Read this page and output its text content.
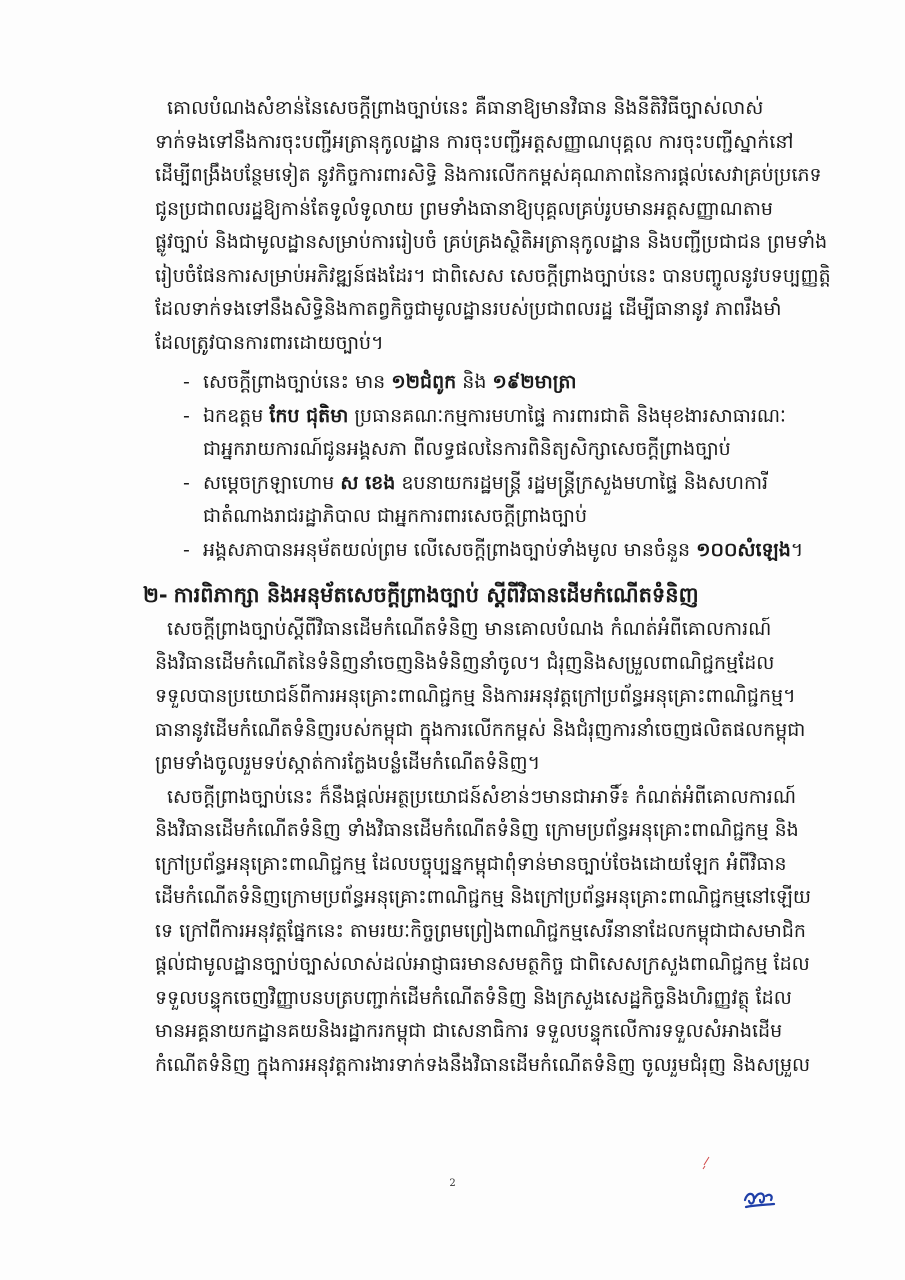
គោលបំណងសំខាន់នៃសេចក្តីព្រាងច្បាប់នេះ គឺធានាឱ្យមានវិធាន និងនីតិវិធីច្បាស់លាស់
ទាក់ទងទៅនឹងការចុះបញ្ជីអត្រានុកូលដ្ឋាន ការចុះបញ្ជីអត្តសញ្ញាណបុគ្គល ការចុះបញ្ជីស្នាក់នៅ
ដើម្បីពង្រឹងបន្ថែមទៀត នូវកិច្ចការពារសិទ្ធិ និងការលើកកម្ពស់គុណភាពនៃការផ្តល់សេវាគ្រប់ប្រភេទ
ជូនប្រជាពលរដ្ឋឱ្យកាន់តែទូលំទូលាយ ព្រមទាំងធានាឱ្យបុគ្គលគ្រប់រូបមានអត្តសញ្ញាណតាម
ផ្លូវច្បាប់ និងជាមូលដ្ឋានសម្រាប់ការរៀបចំ គ្រប់គ្រងស្ថិតិអត្រានុកូលដ្ឋាន និងបញ្ជីប្រជាជន ព្រមទាំង
រៀបចំផែនការសម្រាប់អភិវឌ្ឍន៍ផងដែរ។ ជាពិសេស សេចក្តីព្រាងច្បាប់នេះ បានបញ្ចូលនូវបទប្បញ្ញត្តិ
ដែលទាក់ទងទៅនឹងសិទ្ធិនិងកាតព្វកិច្ចជាមូលដ្ឋានរបស់ប្រជាពលរដ្ឋ ដើម្បីធានានូវ ភាពរឹងមាំ
ដែលត្រូវបានការពារដោយច្បាប់។
- សេចក្តីព្រាងច្បាប់នេះ មាន ១២ជំពូក និង ១៩២មាត្រា
- ឯកឧត្តម កែប ជុតិមា ប្រធានគណៈកម្មការមហាផ្ទៃ ការពារជាតិ និងមុខងារសាធារណៈ
ជាអ្នករាយការណ៍ជូនអង្គសភា ពីលទ្ធផលនៃការពិនិត្យសិក្សាសេចក្តីព្រាងច្បាប់
- សម្តេចក្រឡាហោម ស ខេង ឧបនាយករដ្ឋមន្ត្រី រដ្ឋមន្ត្រីក្រសួងមហាផ្ទៃ និងសហការី
ជាតំណាងរាជរដ្ឋាភិបាល ជាអ្នកការពារសេចក្តីព្រាងច្បាប់
- អង្គសភាបានអនុម័តយល់ព្រម លើសេចក្តីព្រាងច្បាប់ទាំងមូល មានចំនួន ១០០សំឡេង។
២- ការពិភាក្សា និងអនុម័តសេចក្តីព្រាងច្បាប់ ស្តីពីវិធានដើមកំណើតទំនិញ
សេចក្តីព្រាងច្បាប់ស្តីពីវិធានដើមកំណើតទំនិញ មានគោលបំណង កំណត់អំពីគោលការណ៍
និងវិធានដើមកំណើតនៃទំនិញនាំចេញនិងទំនិញនាំចូល។ ជំរុញនិងសម្រួលពាណិជ្ជកម្មដែល
ទទួលបានប្រយោជន៍ពីការអនុគ្រោះពាណិជ្ជកម្ម និងការអនុវត្តក្រៅប្រព័ន្ធអនុគ្រោះពាណិជ្ជកម្ម។
ធានានូវដើមកំណើតទំនិញរបស់កម្ពុជា ក្នុងការលើកកម្ពស់ និងជំរុញការនាំចេញផលិតផលកម្ពុជា
ព្រមទាំងចូលរួមទប់ស្កាត់ការក្លែងបន្លំដើមកំណើតទំនិញ។
សេចក្តីព្រាងច្បាប់នេះ ក៏នឹងផ្តល់អត្ថប្រយោជន៍សំខាន់ៗមានជាអាទិ៍៖ កំណត់អំពីគោលការណ៍
និងវិធានដើមកំណើតទំនិញ ទាំងវិធានដើមកំណើតទំនិញ ក្រោមប្រព័ន្ធអនុគ្រោះពាណិជ្ជកម្ម និង
ក្រៅប្រព័ន្ធអនុគ្រោះពាណិជ្ជកម្ម ដែលបច្ចុប្បន្នកម្ពុជាពុំទាន់មានច្បាប់ចែងដោយឡែក អំពីវិធាន
ដើមកំណើតទំនិញក្រោមប្រព័ន្ធអនុគ្រោះពាណិជ្ជកម្ម និងក្រៅប្រព័ន្ធអនុគ្រោះពាណិជ្ជកម្មនៅឡើយ
ទេ ក្រៅពីការអនុវត្តផ្នែកនេះ តាមរយៈកិច្ចព្រមព្រៀងពាណិជ្ជកម្មសេរីនានាដែលកម្ពុជាជាសមាជិក
ផ្តល់ជាមូលដ្ឋានច្បាប់ច្បាស់លាស់ដល់អាជ្ញាធរមានសមត្ថកិច្ច ជាពិសេសក្រសួងពាណិជ្ជកម្ម ដែល
ទទួលបន្ទុកចេញវិញ្ញាបនបត្របញ្ជាក់ដើមកំណើតទំនិញ និងក្រសួងសេដ្ឋកិច្ចនិងហិរញ្ញវត្ថុ ដែល
មានអគ្គនាយកដ្ឋានគយនិងរដ្ឋាករកម្ពុជា ជាសេនាធិការ ទទួលបន្ទុកលើការទទួលសំអាងដើម
កំណើតទំនិញ ក្នុងការអនុវត្តការងារទាក់ទងនឹងវិធានដើមកំណើតទំនិញ ចូលរួមជំរុញ និងសម្រួល
2
